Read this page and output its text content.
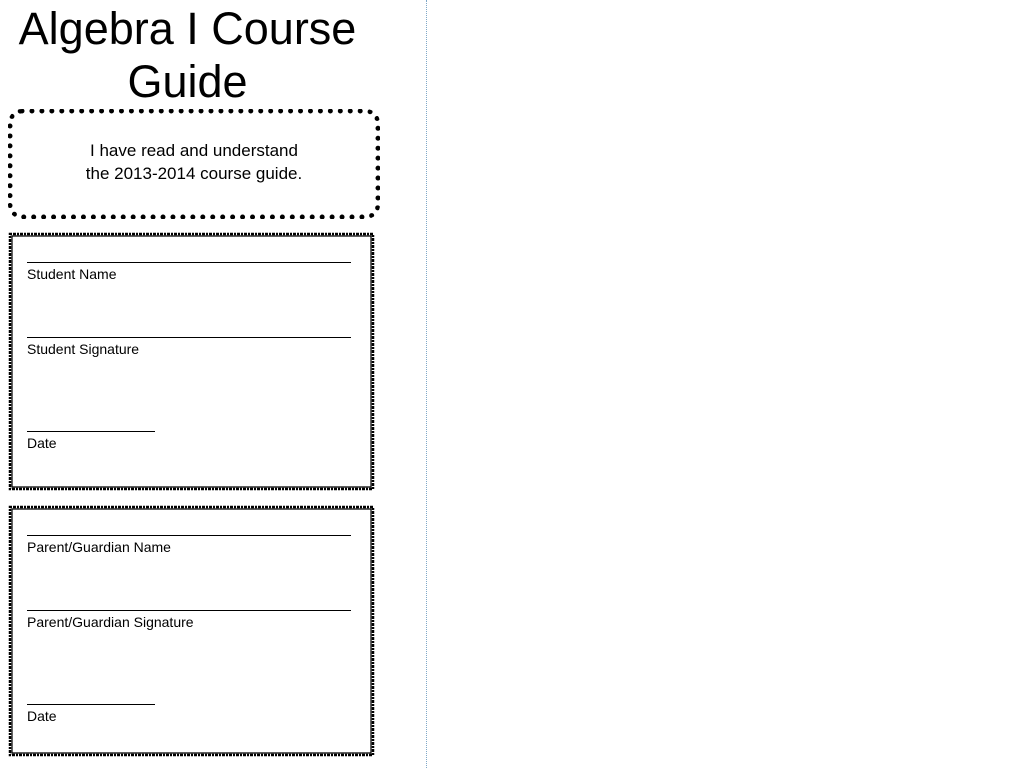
Algebra I Course Guide
I have read and understand
the 2013-2014 course guide.
Student Name
Student Signature
Date
Parent/Guardian Name
Parent/Guardian Signature
Date
